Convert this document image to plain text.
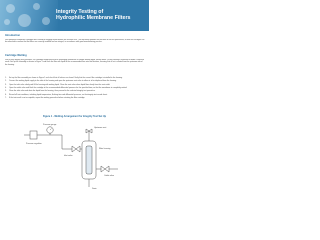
Integrity Testing of
Hydrophilic Membrane Filters
Introduction

Pall hydrophilic membrane cartridge filters should be integrity tested before use and after use. This document provides an overview of the test procedures, so that the cartridges can be assessed to confirm that the filters are correctly installed and are integral, in accordance with good manufacturing practice.

Cartridge Wetting

Prior to any integrity test procedure, the cartridge membrane must be thoroughly wetted with a suitable wetting liquid, usually water. Correct wetting is essential to obtain a valid test result. Set up the assembly as shown in Figure 1 and flush the filter with liquid at the recommended flow rate and duration, ensuring that all air is vented from the upstream side of the housing.

1. Set up the filter assembly as shown in Figure 1 and check that all valves are closed. Verify that the correct filter cartridge is installed in the housing.
2. Connect the wetting liquid supply to the inlet of the housing and open the upstream vent valve to allow air to be displaced from the housing.
3. Open the inlet valve slowly and fill the housing with wetting liquid. Close the vent valve when liquid flows freely from the vent outlet.
4. Open the outlet valve and flush the cartridge at the recommended differential pressure for the specified time, so that the membrane is completely wetted.
5. Close the inlet valve and drain the liquid from the housing, then proceed to the selected integrity test procedure.
6. Record all test conditions, including liquid temperature, flushing time and differential pressure, on the integrity test record sheet.
7. If the test result is not acceptable, repeat the wetting procedure before retesting the filter cartridge.

Figure 1 - Wetting Arrangement for Integrity Test Set Up

Pressure regulator
Pressure gauge
Upstream vent
Inlet valve
Filter housing
Outlet valve
Drain
